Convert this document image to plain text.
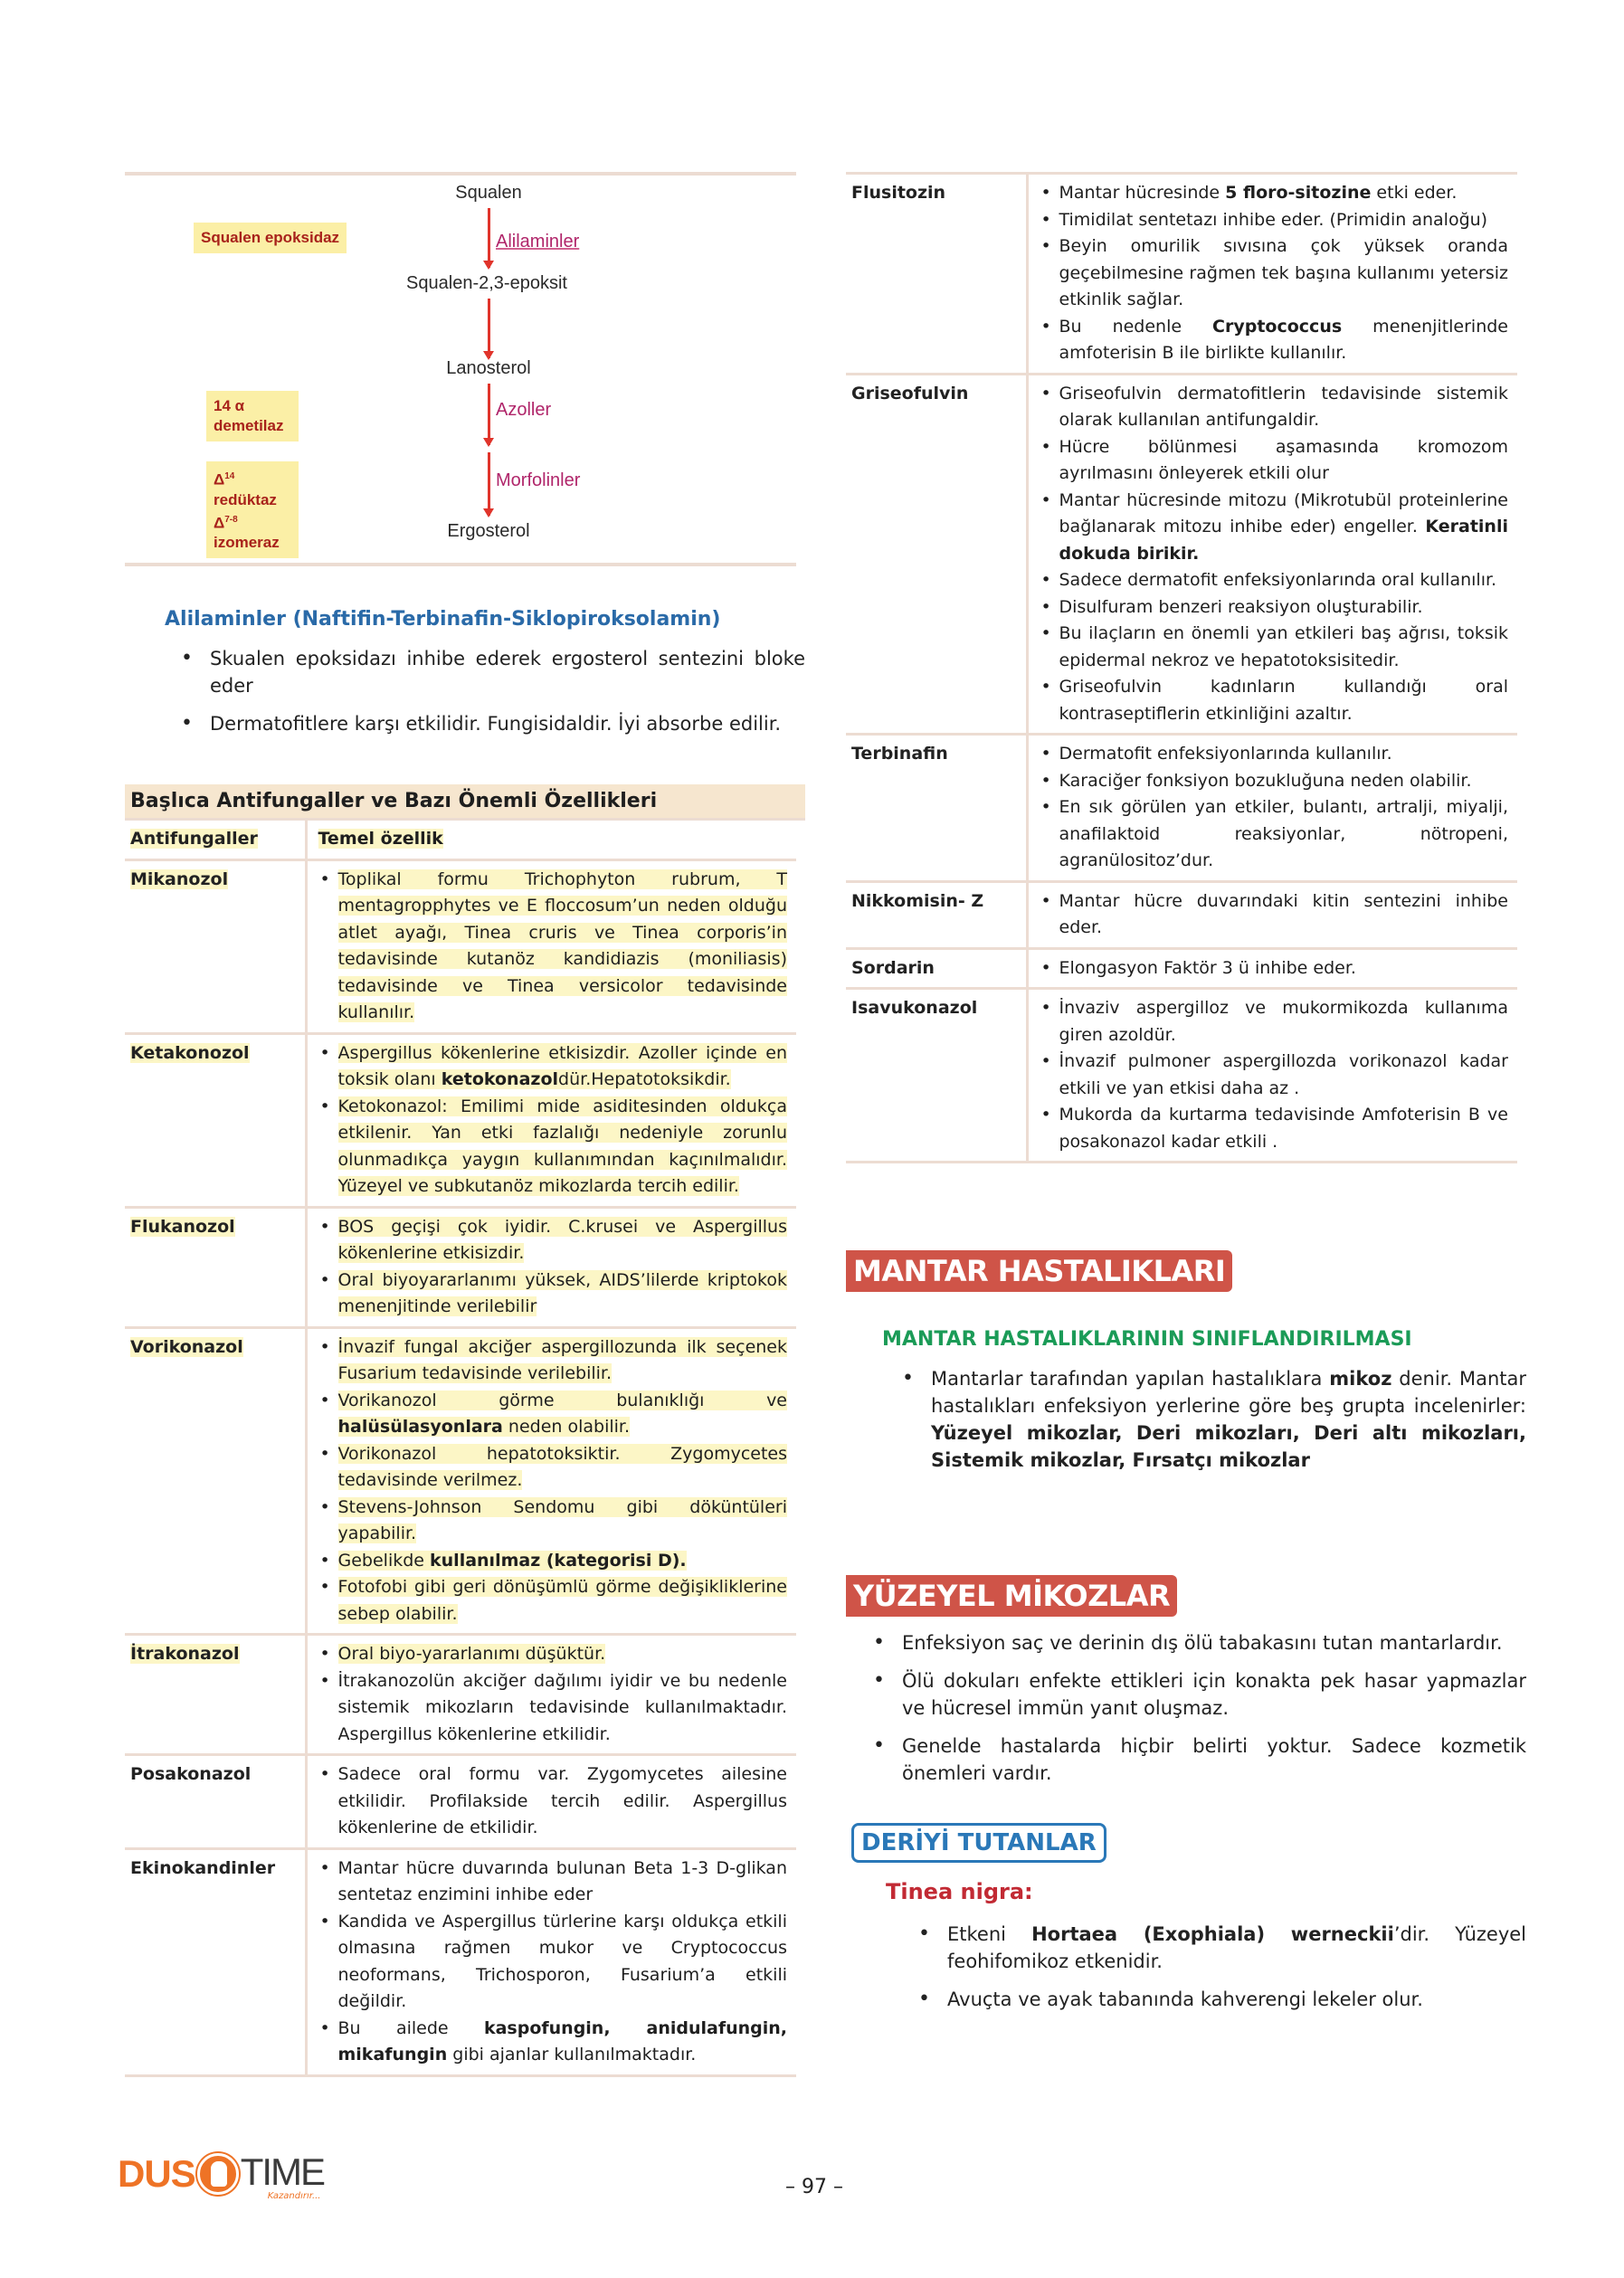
Squalen
Squalen epoksidaz	Alilaminler
Squalen-2,3-epoksit
Lanosterol
14 α demetilaz
Azoller
$\Delta^{14}$ redüktaz
$\Delta^{7-8}$ izomeraz
Morfolinler
Ergosterol
Alilaminler (Naftifin-Terbinafin-Siklopiroksolamin)
• Skualen epoksidazı inhibe ederek ergosterol sentezini bloke eder
• Dermatofitlere karşı etkilidir. Fungisidaldir. İyi absorbe edilir.
Başlıca Antifungaller ve Bazı Önemli Özellikleri
Antifungaller	Temel özellik
Mikanozol	
•Toplikal formu Trichophyton rubrum, T mentagropphytes ve E floccosum’un neden olduğu atlet ayağı, Tinea cruris ve Tinea corporis’in tedavisinde kutanöz kandidiazis (moniliasis) tedavisinde ve Tinea versicolor tedavisinde kullanılır.

Ketakonozol	
•Aspergillus kökenlerine etkisizdir. Azoller içinde en toksik olanı ketokonazoldür.Hepatotoksikdir.
• Ketokonazol: Emilimi mide asiditesinden oldukça etkilenir. Yan etki fazlalığı nedeniyle zorunlu olunmadıkça yaygın kullanımından kaçınılmalıdır. Yüzeyel ve subkutanöz mikozlarda tercih edilir.

Flukanozol	
•BOS geçişi çok iyidir. C.krusei ve Aspergillus kökenlerine etkisizdir.
• Oral biyoyararlanımı yüksek, AIDS’lilerde kriptokok menenjitinde verilebilir

Vorikonazol	
•İnvazif fungal akciğer aspergillozunda ilk seçenek Fusarium tedavisinde verilebilir.
• Vorikanozol görme bulanıklığı ve halüsülasyonlara neden olabilir.
• Vorikonazol hepatotoksiktir. Zygomycetes tedavisinde verilmez.
• Stevens-Johnson Sendomu gibi döküntüleri yapabilir.
• Gebelikde kullanılmaz (kategorisi D).
• Fotofobi gibi geri dönüşümlü görme değişikliklerine sebep olabilir.

İtrakonazol	
•Oral biyo-yararlanımı düşüktür.
• İtrakanozolün akciğer dağılımı iyidir ve bu nedenle sistemik mikozların tedavisinde kullanılmaktadır. Aspergillus kökenlerine etkilidir.

Posakonazol	
•Sadece oral formu var. Zygomycetes ailesine etkilidir. Profilakside tercih edilir. Aspergillus kökenlerine de etkilidir.

Ekinokandinler	
•Mantar hücre duvarında bulunan Beta 1-3 D-glikan sentetaz enzimini inhibe eder
• Kandida ve Aspergillus türlerine karşı oldukça etkili olmasına rağmen mukor ve Cryptococcus neoformans, Trichosporon, Fusarium’a etkili değildir.
• Bu ailede kaspofungin, anidulafungin, mikafungin gibi ajanlar kullanılmaktadır.
Flusitozin	
•Mantar hücresinde 5 floro-sitozine etki eder.
• Timidilat sentetazı inhibe eder. (Primidin analoğu)
• Beyin omurilik sıvısına çok yüksek oranda geçebilmesine rağmen tek başına kullanımı yetersiz etkinlik sağlar.
• Bu nedenle Cryptococcus menenjitlerinde amfoterisin B ile birlikte kullanılır.

Griseofulvin	
•Griseofulvin dermatofitlerin tedavisinde sistemik olarak kullanılan antifungaldir.
• Hücre bölünmesi aşamasında kromozom ayrılmasını önleyerek etkili olur
• Mantar hücresinde mitozu (Mikrotubül proteinlerine bağlanarak mitozu inhibe eder) engeller. Keratinli dokuda birikir.
• Sadece dermatofit enfeksiyonlarında oral kullanılır.
• Disulfuram benzeri reaksiyon oluşturabilir.
• Bu ilaçların en önemli yan etkileri baş ağrısı, toksik epidermal nekroz ve hepatotoksisitedir.
• Griseofulvin kadınların kullandığı oral kontraseptiflerin etkinliğini azaltır.

Terbinafin	
•Dermatofit enfeksiyonlarında kullanılır.
• Karaciğer fonksiyon bozukluğuna neden olabilir.
• En sık görülen yan etkiler, bulantı, artralji, miyalji, anafilaktoid reaksiyonlar, nötropeni, agranülositoz’dur.

Nikkomisin- Z	
•Mantar hücre duvarındaki kitin sentezini inhibe eder.

Sordarin	
•Elongasyon Faktör 3 ü inhibe eder.

Isavukonazol	
•İnvaziv aspergilloz ve mukormikozda kullanıma giren azoldür.
• İnvazif pulmoner aspergillozda vorikonazol kadar etkili ve yan etkisi daha az .
• Mukorda da kurtarma tedavisinde Amfoterisin B ve posakonazol kadar etkili .
MANTAR HASTALIKLARI
MANTAR HASTALIKLARININ SINIFLANDIRILMASI
• Mantarlar tarafından yapılan hastalıklara mikoz denir. Mantar hastalıkları enfeksiyon yerlerine göre beş grupta incelenirler: Yüzeyel mikozlar, Deri mikozları, Deri altı mikozları, Sistemik mikozlar, Fırsatçı mikozlar
YÜZEYEL MİKOZLAR
• Enfeksiyon saç ve derinin dış ölü tabakasını tutan mantarlardır.
• Ölü dokuları enfekte ettikleri için konakta pek hasar yapmazlar ve hücresel immün yanıt oluşmaz.
• Genelde hastalarda hiçbir belirti yoktur. Sadece kozmetik önemleri vardır.
DERİYİ TUTANLAR
Tinea nigra:
• Etkeni Hortaea (Exophiala) werneckii’dir. Yüzeyel feohifomikoz etkenidir.
• Avuçta ve ayak tabanında kahverengi lekeler olur.
DUS TIME
Kazandırır...	– 97 –
